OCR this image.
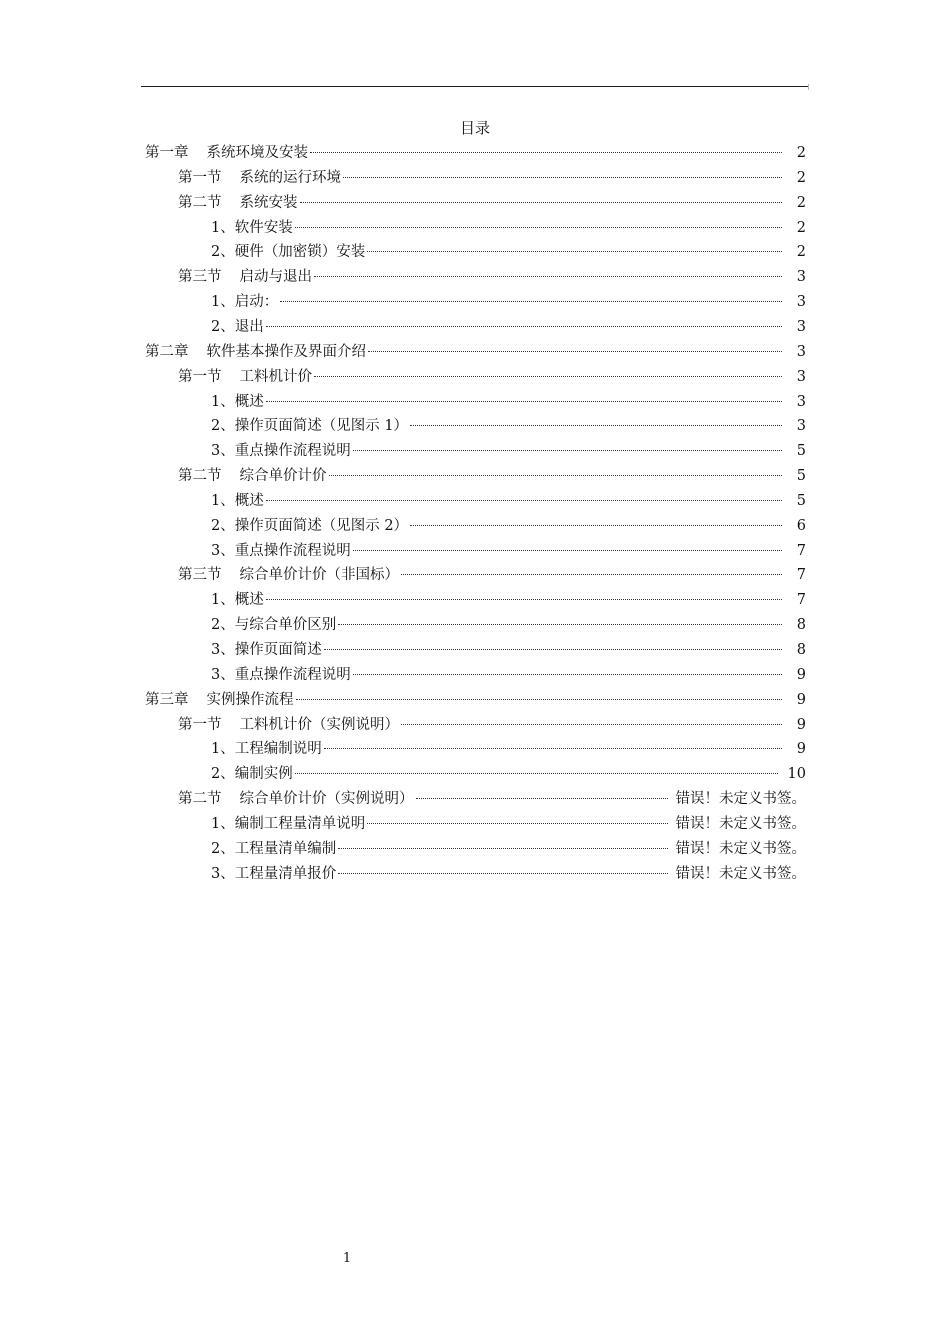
目录
第一章 系统环境及安装	2
第一节 系统的运行环境	2
第二节 系统安装	2
1、软件安装	2
2、硬件（加密锁）安装	2
第三节 启动与退出	3
1、启动：	3
2、退出	3
第二章 软件基本操作及界面介绍	3
第一节 工料机计价	3
1、概述	3
2、操作页面简述（见图示 1）	3
3、重点操作流程说明	5
第二节 综合单价计价	5
1、概述	5
2、操作页面简述（见图示 2）	6
3、重点操作流程说明	7
第三节 综合单价计价（非国标）	7
1、概述	7
2、与综合单价区别	8
3、操作页面简述	8
3、重点操作流程说明	9
第三章 实例操作流程	9
第一节 工料机计价（实例说明）	9
1、工程编制说明	9
2、编制实例	10
第二节 综合单价计价（实例说明）	错误！未定义书签。
1、编制工程量清单说明	错误！未定义书签。
2、工程量清单编制	错误！未定义书签。
3、工程量清单报价	错误！未定义书签。
1
